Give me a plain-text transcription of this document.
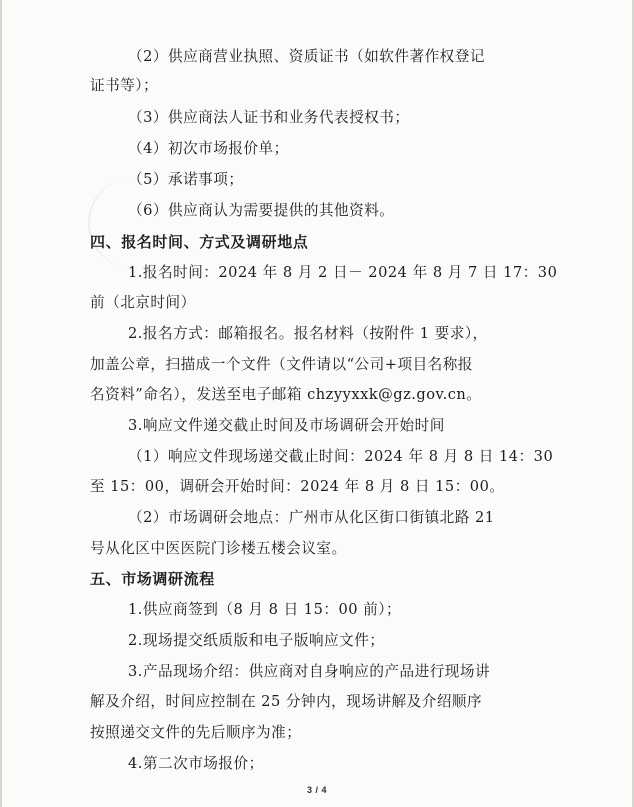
（2）供应商营业执照、资质证书（如软件著作权登记
证书等）；
（3）供应商法人证书和业务代表授权书；
（4）初次市场报价单；
（5）承诺事项；
（6）供应商认为需要提供的其他资料。
四、报名时间、方式及调研地点
1.报名时间：2024 年 8 月 2 日－ 2024 年 8 月 7 日 17：30
前（北京时间）
2.报名方式：邮箱报名。报名材料（按附件 1 要求），
加盖公章，扫描成一个文件（文件请以“公司+项目名称报
名资料”命名），发送至电子邮箱 chzyyxxk@gz.gov.cn。
3.响应文件递交截止时间及市场调研会开始时间
（1）响应文件现场递交截止时间：2024 年 8 月 8 日 14：30
至 15：00，调研会开始时间：2024 年 8 月 8 日 15：00。
（2）市场调研会地点：广州市从化区街口街镇北路 21
号从化区中医医院门诊楼五楼会议室。
五、市场调研流程
1.供应商签到（8 月 8 日 15：00 前）；
2.现场提交纸质版和电子版响应文件；
3.产品现场介绍：供应商对自身响应的产品进行现场讲
解及介绍，时间应控制在 25 分钟内，现场讲解及介绍顺序
按照递交文件的先后顺序为准；
4.第二次市场报价；
3 / 4
